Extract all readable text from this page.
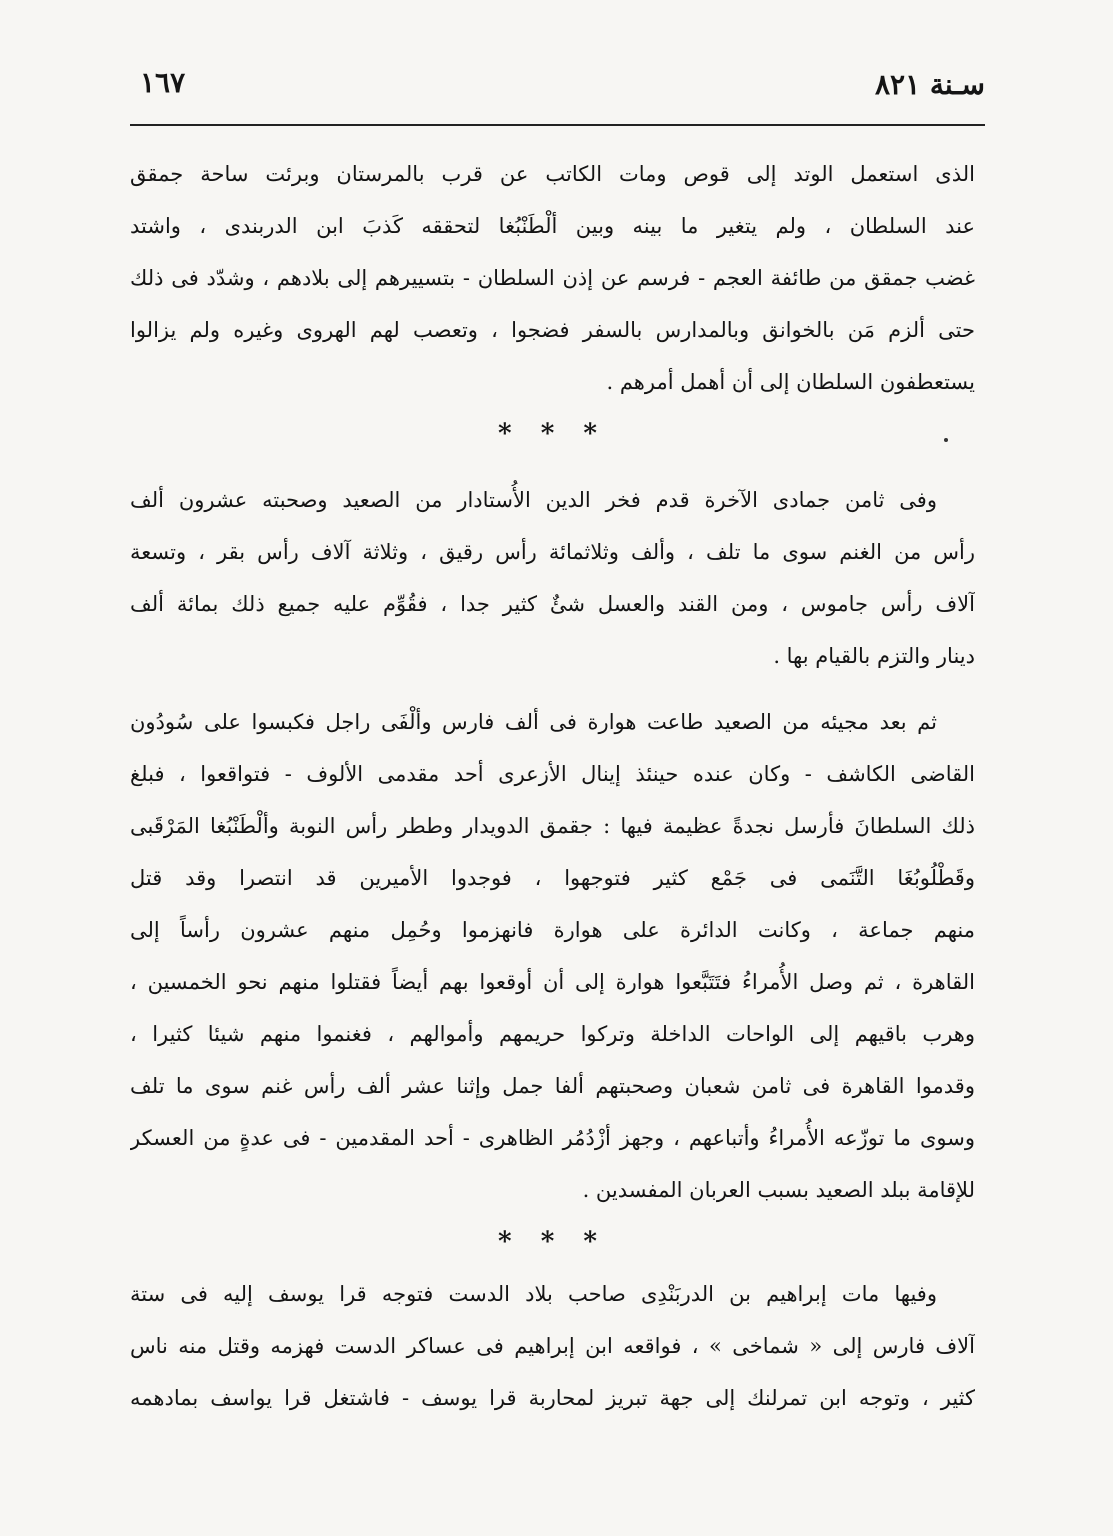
سـنة ٨٢١
١٦٧
الذى استعمل الوتد إلى قوص ومات الكاتب عن قرب بالمرستان وبرئت ساحة جمقق
عند السلطان ، ولم يتغير ما بينه وبين ألْطَنْبُغا لتحققه كَذبَ ابن الدربندى ، واشتد
غضب جمقق من طائفة العجم - فرسم عن إذن السلطان - بتسييرهم إلى بلادهم ، وشدّد فى ذلك
حتى ألزم مَن بالخوانق وبالمدارس بالسفر فضجوا ، وتعصب لهم الهروى وغيره ولم يزالوا
يستعطفون السلطان إلى أن أهمل أمرهم .
* * *
وفى ثامن جمادى الآخرة قدم فخر الدين الأُستادار من الصعيد وصحبته عشرون ألف
رأس من الغنم سوى ما تلف ، وألف وثلاثمائة رأس رقيق ، وثلاثة آلاف رأس بقر ، وتسعة
آلاف رأس جاموس ، ومن القند والعسل شئٌ كثير جدا ، فقُوِّم عليه جميع ذلك بمائة ألف
دينار والتزم بالقيام بها .
ثم بعد مجيئه من الصعيد طاعت هوارة فى ألف فارس وألْفَى راجل فكبسوا على سُودُون
القاضى الكاشف - وكان عنده حينئذ إينال الأزعرى أحد مقدمى الألوف - فتواقعوا ، فبلغ
ذلك السلطانَ فأرسل نجدةً عظيمة فيها : جقمق الدويدار وططر رأس النوبة وألْطَنْبُغا المَرْقَبى
وقَطْلُوبُغَا التَّنَمى فى جَمْع كثير فتوجهوا ، فوجدوا الأميرين قد انتصرا وقد قتل
منهم جماعة ، وكانت الدائرة على هوارة فانهزموا وحُمِل منهم عشرون رأساً إلى
القاهرة ، ثم وصل الأُمراءُ فتَتَبَّعوا هوارة إلى أن أوقعوا بهم أيضاً فقتلوا منهم نحو الخمسين ،
وهرب باقيهم إلى الواحات الداخلة وتركوا حريمهم وأموالهم ، فغنموا منهم شيئا كثيرا ،
وقدموا القاهرة فى ثامن شعبان وصحبتهم ألفا جمل وإثنا عشر ألف رأس غنم سوى ما تلف
وسوى ما توزّعه الأُمراءُ وأتباعهم ، وجهز أزْدُمُر الظاهرى - أحد المقدمين - فى عدةٍ من العسكر
للإقامة ببلد الصعيد بسبب العربان المفسدين .
* * *
وفيها مات إبراهيم بن الدربَنْدِى صاحب بلاد الدست فتوجه قرا يوسف إليه فى ستة
آلاف فارس إلى « شماخى » ، فواقعه ابن إبراهيم فى عساكر الدست فهزمه وقتل منه ناس
كثير ، وتوجه ابن تمرلنك إلى جهة تبريز لمحاربة قرا يوسف - فاشتغل قرا يواسف بمادهمه
